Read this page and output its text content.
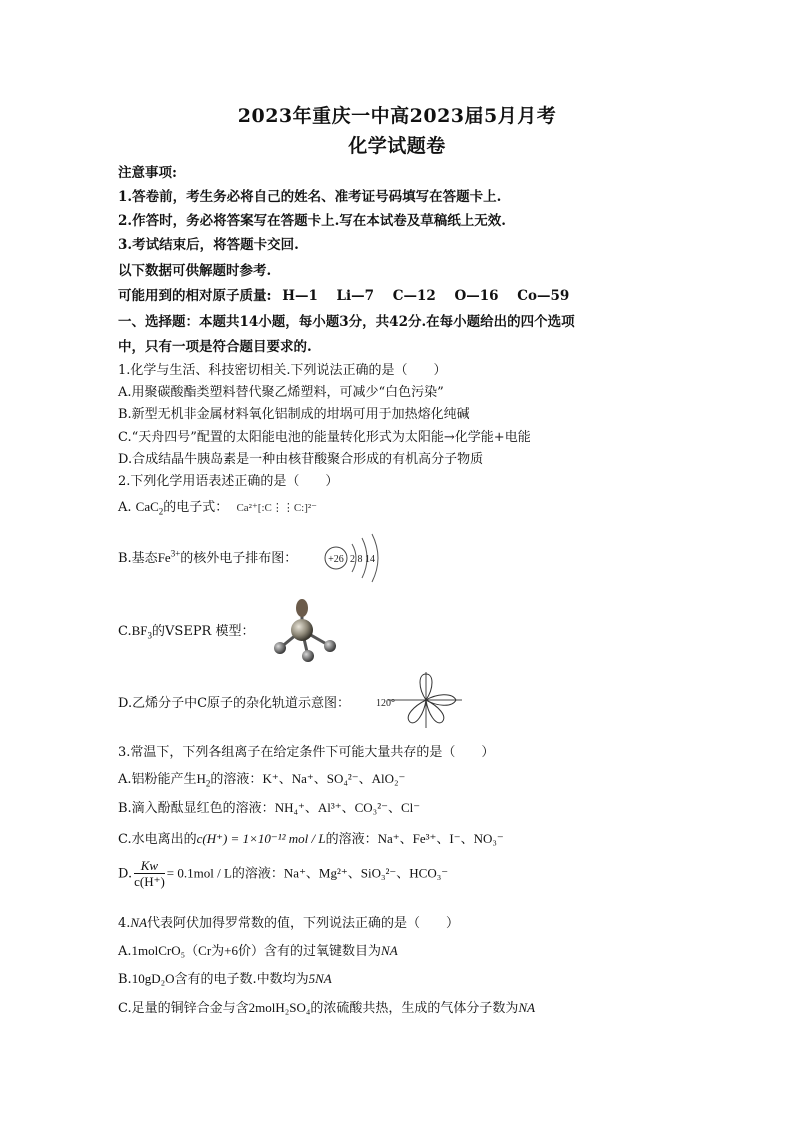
2023年重庆一中高2023届5月月考
化学试题卷
注意事项:
1.答卷前，考生务必将自己的姓名、准考证号码填写在答题卡上.
2.作答时，务必将答案写在答题卡上.写在本试卷及草稿纸上无效.
3.考试结束后，将答题卡交回.
以下数据可供解题时参考.
可能用到的相对原子质量: H—1 Li—7 C—12 O—16 Co—59
一、选择题：本题共14小题，每小题3分，共42分.在每小题给出的四个选项
中，只有一项是符合题目要求的.
1.化学与生活、科技密切相关.下列说法正确的是（　　）
A.用聚碳酸酯类塑料替代聚乙烯塑料，可减少“白色污染”
B.新型无机非金属材料氧化铝制成的坩埚可用于加热熔化纯碱
C.“天舟四号”配置的太阳能电池的能量转化形式为太阳能→化学能+电能
D.合成结晶牛胰岛素是一种由核苷酸聚合形成的有机高分子物质
2.下列化学用语表述正确的是（　　）
A. CaC$_2$的电子式： Ca²⁺[:C⋮⋮C:]²⁻
B.基态$Fe^{3+}$的核外电子排布图：	+26 2 8 14
$C.BF_3$的VSEPR 模型：
D.乙烯分子中C原子的杂化轨道示意图：	120°
3.常温下，下列各组离子在给定条件下可能大量共存的是（　　）
A.铝粉能产生$H_2$的溶液：K⁺、Na⁺、SO₄²⁻、AlO₂⁻
B.滴入酚酞显红色的溶液：NH₄⁺、Al³⁺、CO₃²⁻、Cl⁻
C.水电离出的c(H⁺) = 1×10⁻¹² mol / L的溶液：Na⁺、Fe³⁺、I⁻、NO₃⁻
D. $\frac{Kw}{c(H^+)} = 0.1mol / L$的溶液：Na⁺、Mg²⁺、SiO₃²⁻、HCO₃⁻
4.NA代表阿伏加得罗常数的值，下列说法正确的是（　　）
A.1molCrO₅（Cr为+6价）含有的过氧键数目为NA
B.10gD₂O含有的电子数.中数均为5NA
C.足量的铜锌合金与含2molH₂SO₄的浓硫酸共热，生成的气体分子数为NA
